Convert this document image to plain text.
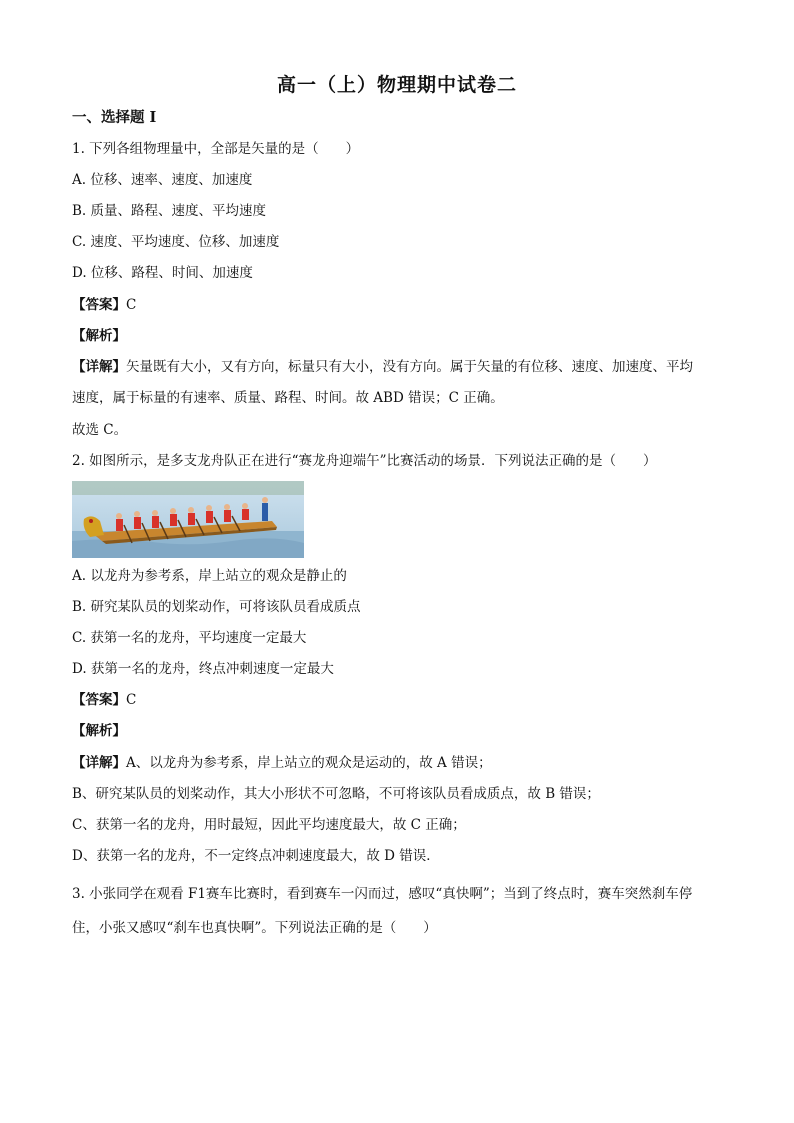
高一（上）物理期中试卷二
一、选择题 I
1. 下列各组物理量中，全部是矢量的是（　　）
A. 位移、速率、速度、加速度
B. 质量、路程、速度、平均速度
C. 速度、平均速度、位移、加速度
D. 位移、路程、时间、加速度
【答案】C
【解析】
【详解】矢量既有大小，又有方向，标量只有大小，没有方向。属于矢量的有位移、速度、加速度、平均
速度，属于标量的有速率、质量、路程、时间。故 ABD 错误；C 正确。
故选 C。
2. 如图所示，是多支龙舟队正在进行“赛龙舟迎端午”比赛活动的场景．下列说法正确的是（　　）
A. 以龙舟为参考系，岸上站立的观众是静止的
B. 研究某队员的划桨动作，可将该队员看成质点
C. 获第一名的龙舟，平均速度一定最大
D. 获第一名的龙舟，终点冲刺速度一定最大
【答案】C
【解析】
【详解】A、以龙舟为参考系，岸上站立的观众是运动的，故 A 错误；
B、研究某队员的划桨动作，其大小形状不可忽略，不可将该队员看成质点，故 B 错误；
C、获第一名的龙舟，用时最短，因此平均速度最大，故 C 正确；
D、获第一名的龙舟，不一定终点冲刺速度最大，故 D 错误．
3. 小张同学在观看 F1赛车比赛时，看到赛车一闪而过，感叹“真快啊”；当到了终点时，赛车突然刹车停
住，小张又感叹“刹车也真快啊”。下列说法正确的是（　　）
